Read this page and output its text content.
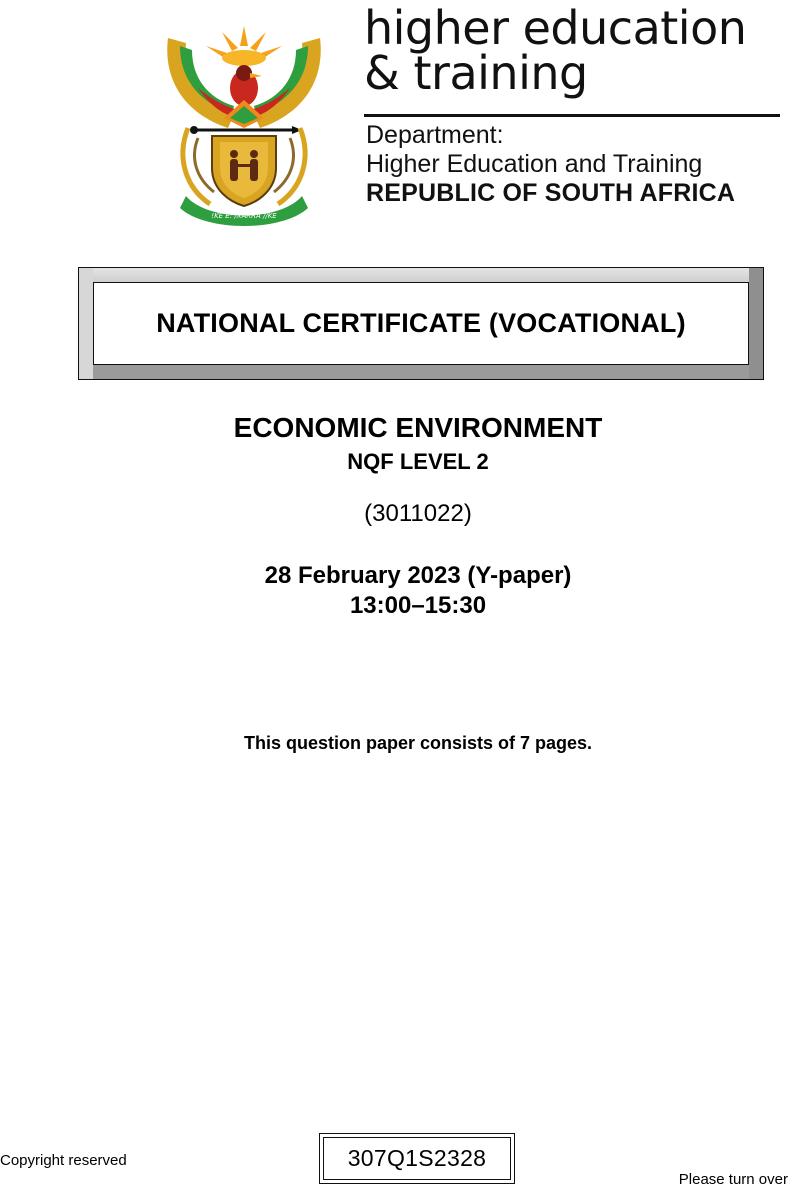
!KE E: /XARRA //KE
higher education
& training
Department:
Higher Education and Training
REPUBLIC OF SOUTH AFRICA
NATIONAL CERTIFICATE (VOCATIONAL)
ECONOMIC ENVIRONMENT
NQF LEVEL 2
(3011022)
28 February 2023 (Y-paper)
13:00–15:30
This question paper consists of 7 pages.
Copyright reserved	307Q1S2328
Please turn over
